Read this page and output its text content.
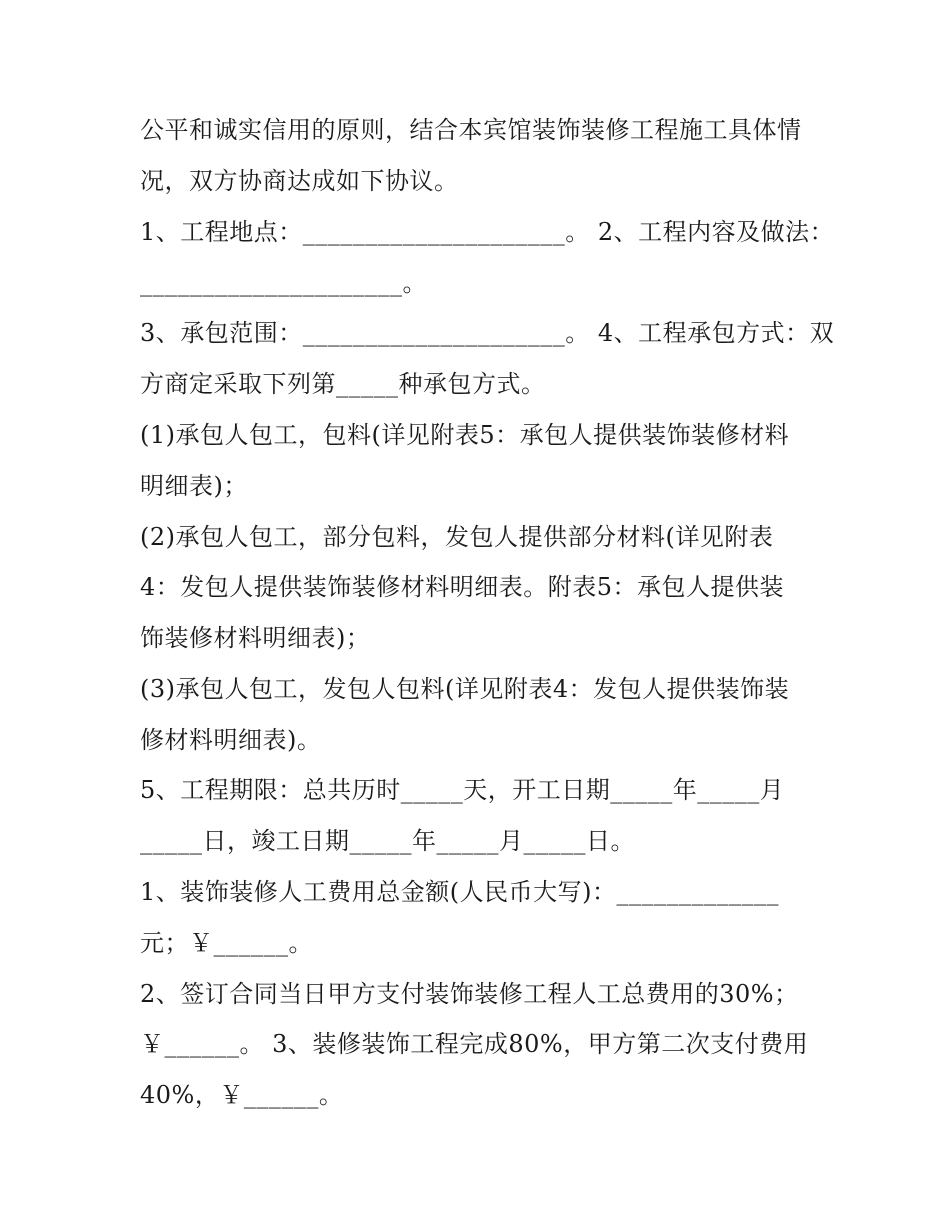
公平和诚实信用的原则，结合本宾馆装饰装修工程施工具体情
况，双方协商达成如下协议。
1、工程地点：_____________________。 2、工程内容及做法：
_____________________。
3、承包范围：_____________________。 4、工程承包方式：双
方商定采取下列第_____种承包方式。
(1)承包人包工，包料(详见附表5：承包人提供装饰装修材料
明细表)；
(2)承包人包工，部分包料，发包人提供部分材料(详见附表
4：发包人提供装饰装修材料明细表。附表5：承包人提供装
饰装修材料明细表)；
(3)承包人包工，发包人包料(详见附表4：发包人提供装饰装
修材料明细表)。
5、工程期限：总共历时_____天，开工日期_____年_____月
_____日，竣工日期_____年_____月_____日。
1、装饰装修人工费用总金额(人民币大写)：_____________
元；￥______。
2、签订合同当日甲方支付装饰装修工程人工总费用的30%；
￥______。 3、装修装饰工程完成80%，甲方第二次支付费用
40%，￥______。
